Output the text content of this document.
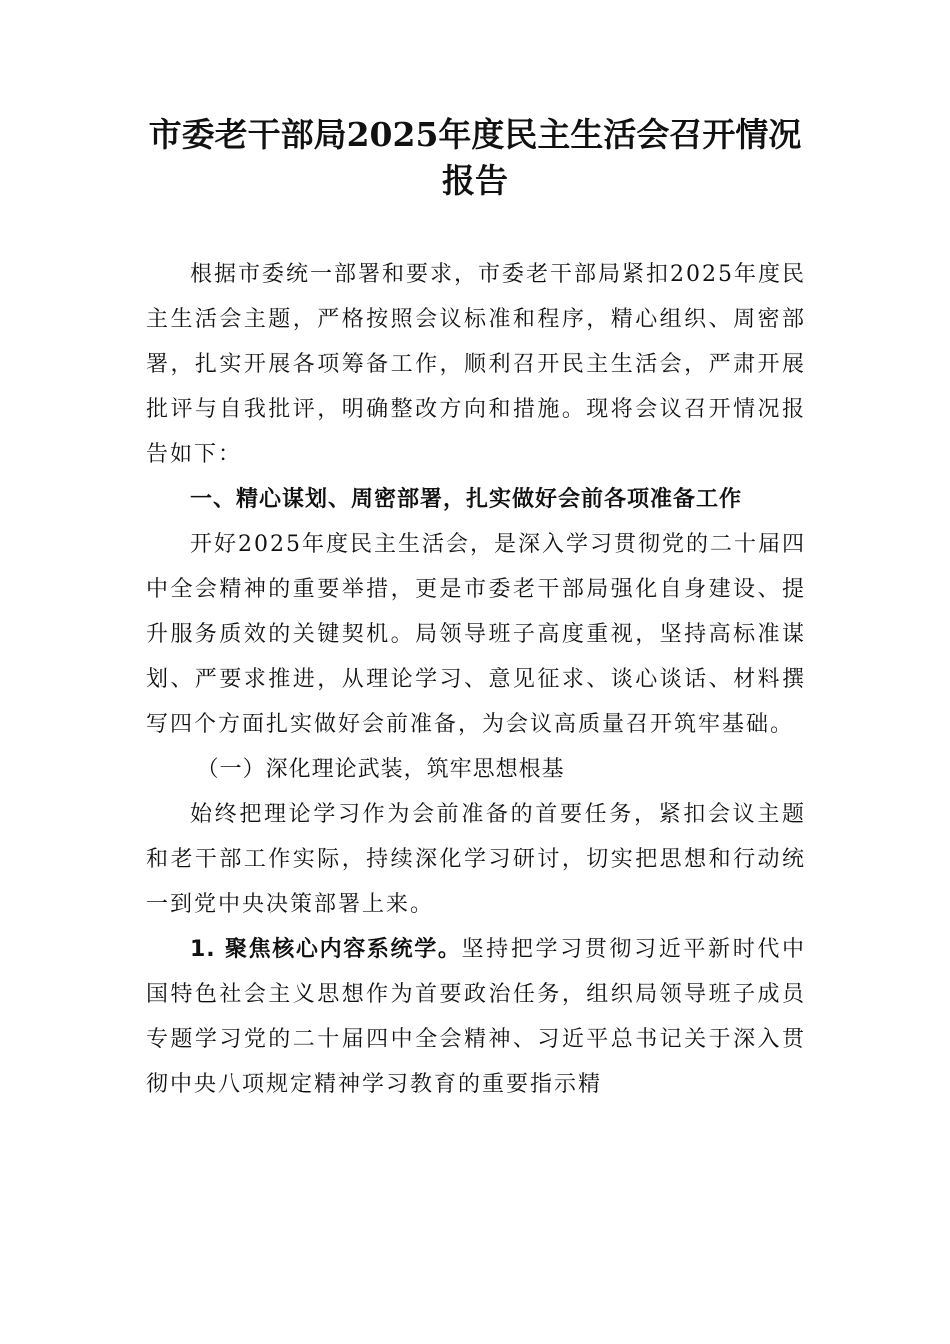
市委老干部局2025年度民主生活会召开情况报告

根据市委统一部署和要求，市委老干部局紧扣2025年度民主生活会主题，严格按照会议标准和程序，精心组织、周密部署，扎实开展各项筹备工作，顺利召开民主生活会，严肃开展批评与自我批评，明确整改方向和措施。现将会议召开情况报告如下：

一、精心谋划、周密部署，扎实做好会前各项准备工作

开好2025年度民主生活会，是深入学习贯彻党的二十届四中全会精神的重要举措，更是市委老干部局强化自身建设、提升服务质效的关键契机。局领导班子高度重视，坚持高标准谋划、严要求推进，从理论学习、意见征求、谈心谈话、材料撰写四个方面扎实做好会前准备，为会议高质量召开筑牢基础。

（一）深化理论武装，筑牢思想根基

始终把理论学习作为会前准备的首要任务，紧扣会议主题和老干部工作实际，持续深化学习研讨，切实把思想和行动统一到党中央决策部署上来。

1. 聚焦核心内容系统学。坚持把学习贯彻习近平新时代中国特色社会主义思想作为首要政治任务，组织局领导班子成员专题学习党的二十届四中全会精神、习近平总书记关于深入贯彻中央八项规定精神学习教育的重要指示精
